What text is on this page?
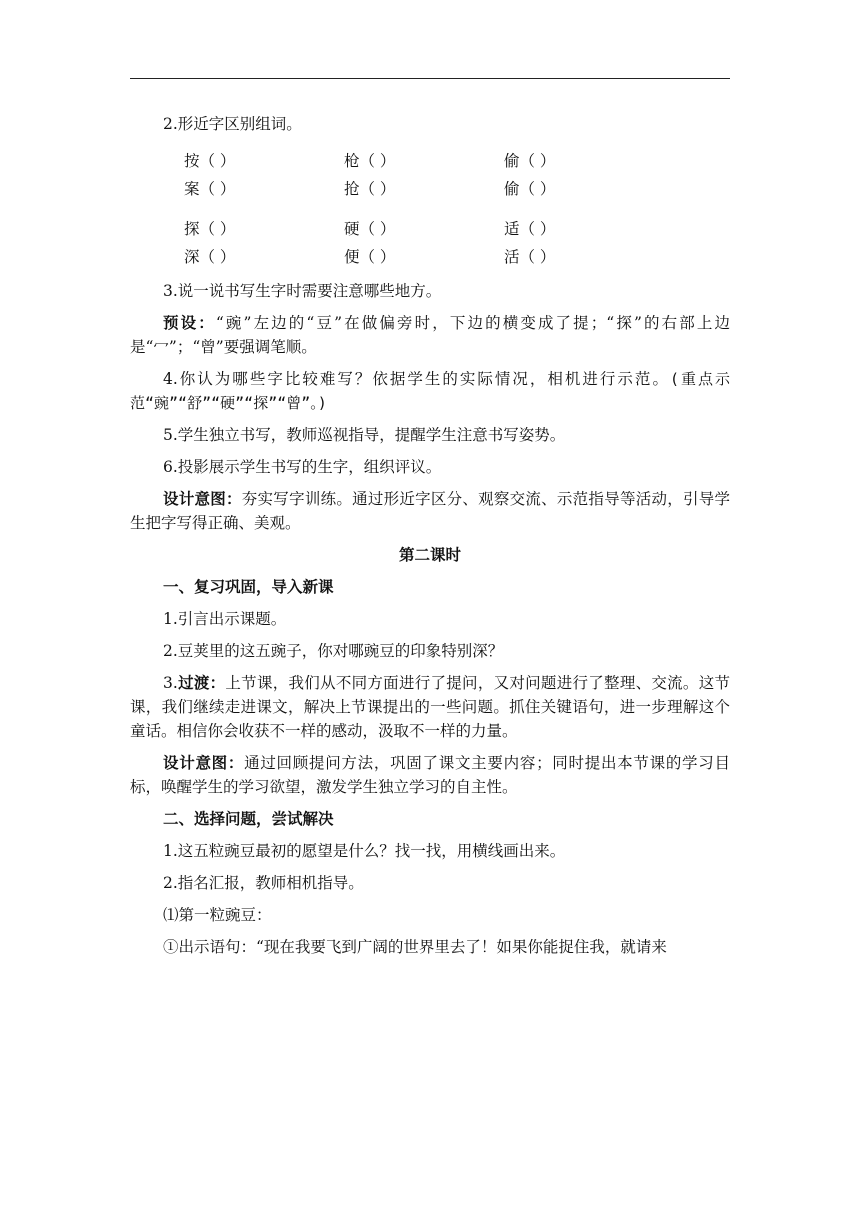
2.形近字区别组词。

按（ ）	枪（ ）	偷（ ）
案（ ）	抢（ ）	偷（ ）
探（ ）	硬（ ）	适（ ）
深（ ）	便（ ）	活（ ）

3.说一说书写生字时需要注意哪些地方。

预设：“豌”左边的“豆”在做偏旁时，下边的横变成了提；“探”的右部上边是“冖”；“曾”要强调笔顺。

4.你认为哪些字比较难写？依据学生的实际情况，相机进行示范。(重点示范“豌”“舒”“硬”“探”“曾”。)

5.学生独立书写，教师巡视指导，提醒学生注意书写姿势。

6.投影展示学生书写的生字，组织评议。

设计意图：夯实写字训练。通过形近字区分、观察交流、示范指导等活动，引导学生把字写得正确、美观。

第二课时

一、复习巩固，导入新课

1.引言出示课题。

2.豆荚里的这五豌子，你对哪豌豆的印象特别深？

3.过渡：上节课，我们从不同方面进行了提问，又对问题进行了整理、交流。这节课，我们继续走进课文，解决上节课提出的一些问题。抓住关键语句，进一步理解这个童话。相信你会收获不一样的感动，汲取不一样的力量。

设计意图：通过回顾提问方法，巩固了课文主要内容；同时提出本节课的学习目标，唤醒学生的学习欲望，激发学生独立学习的自主性。

二、选择问题，尝试解决

1.这五粒豌豆最初的愿望是什么？找一找，用横线画出来。

2.指名汇报，教师相机指导。

⑴第一粒豌豆：

①出示语句：“现在我要飞到广阔的世界里去了！如果你能捉住我，就请来
